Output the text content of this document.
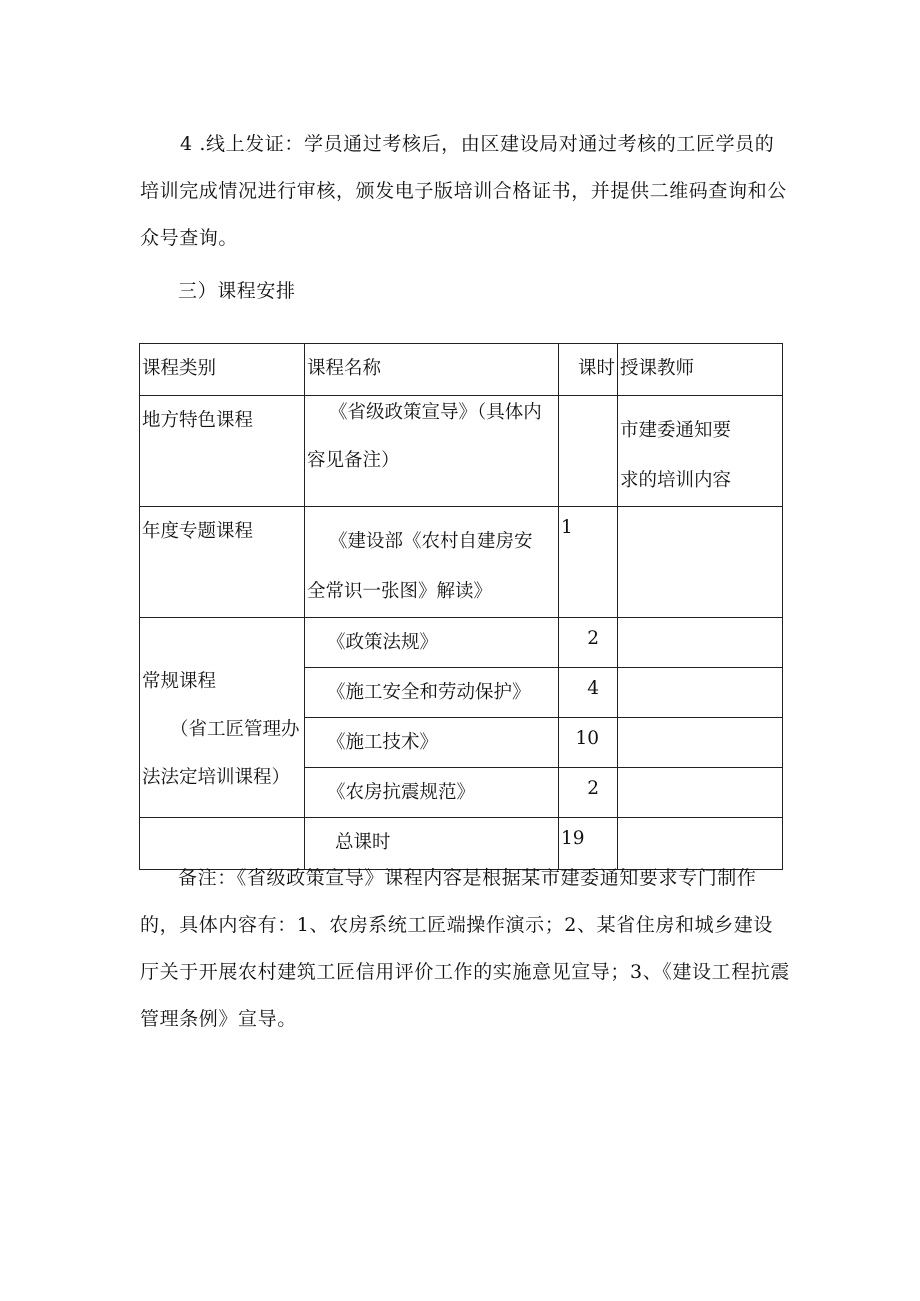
4 .线上发证：学员通过考核后，由区建设局对通过考核的工匠学员的培训完成情况进行审核，颁发电子版培训合格证书，并提供二维码查询和公众号查询。

三）课程安排

课程类别	课程名称	课时	授课教师

地方特色课程	《省级政策宣导》（具体内
容见备注）		市建委通知要
求的培训内容

年度专题课程	《建设部《农村自建房安
全常识一张图》解读》	1	

常规课程
（省工匠管理办
法法定培训课程）	《政策法规》	2	

	《施工安全和劳动保护》	4	

	《施工技术》	10	

	《农房抗震规范》	2	

	总课时	19	

备注：《省级政策宣导》课程内容是根据某市建委通知要求专门制作的，具体内容有：1、农房系统工匠端操作演示；2、某省住房和城乡建设厅关于开展农村建筑工匠信用评价工作的实施意见宣导；3、《建设工程抗震管理条例》宣导。
